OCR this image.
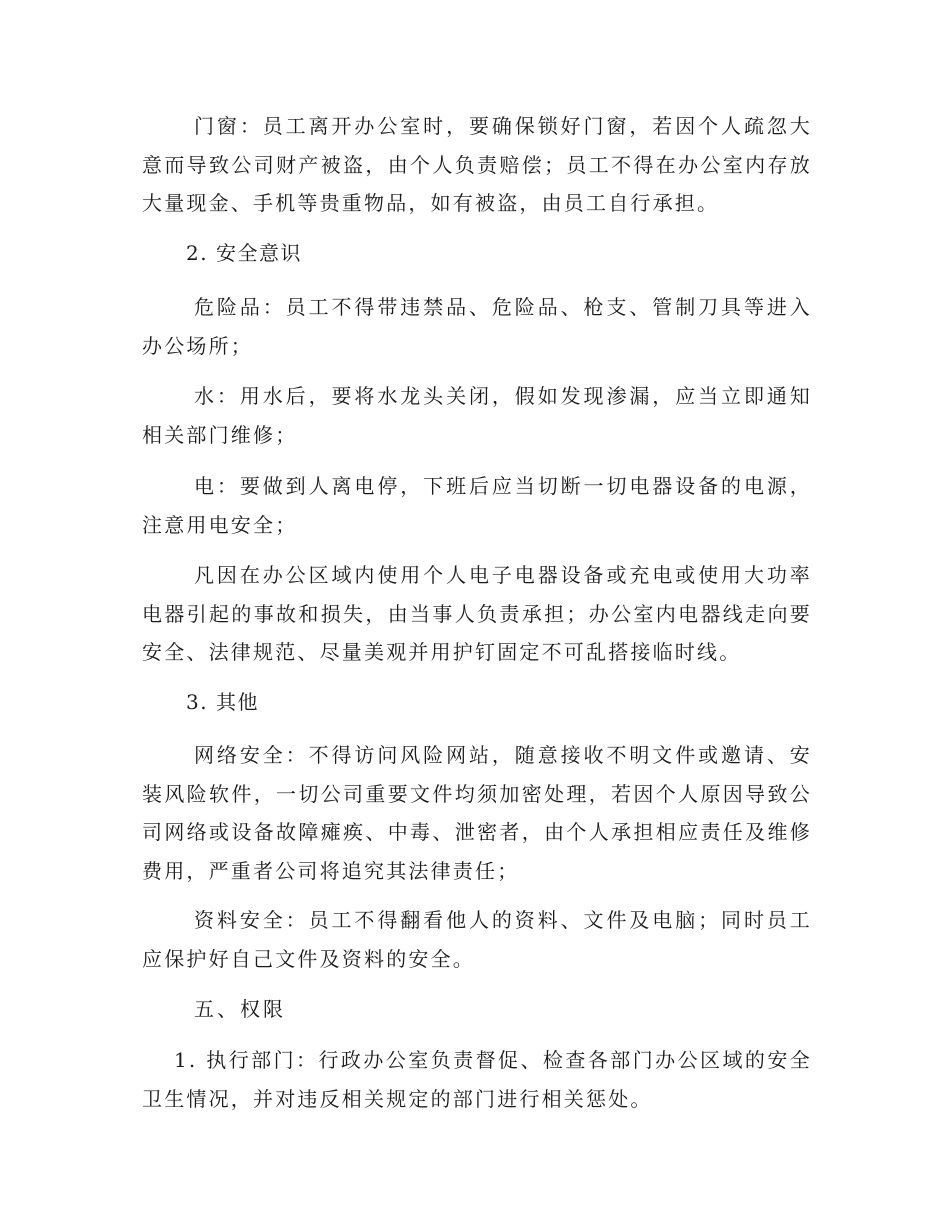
门窗：员工离开办公室时，要确保锁好门窗，若因个人疏忽大意而导致公司财产被盗，由个人负责赔偿；员工不得在办公室内存放大量现金、手机等贵重物品，如有被盗，由员工自行承担。

2. 安全意识

危险品：员工不得带违禁品、危险品、枪支、管制刀具等进入办公场所；

水：用水后，要将水龙头关闭，假如发现渗漏，应当立即通知相关部门维修；

电：要做到人离电停，下班后应当切断一切电器设备的电源，注意用电安全；

凡因在办公区域内使用个人电子电器设备或充电或使用大功率电器引起的事故和损失，由当事人负责承担；办公室内电器线走向要安全、法律规范、尽量美观并用护钉固定不可乱搭接临时线。

3. 其他

网络安全：不得访问风险网站，随意接收不明文件或邀请、安装风险软件，一切公司重要文件均须加密处理，若因个人原因导致公司网络或设备故障瘫痪、中毒、泄密者，由个人承担相应责任及维修费用，严重者公司将追究其法律责任；

资料安全：员工不得翻看他人的资料、文件及电脑；同时员工应保护好自己文件及资料的安全。

五、权限

1. 执行部门：行政办公室负责督促、检查各部门办公区域的安全卫生情况，并对违反相关规定的部门进行相关惩处。
